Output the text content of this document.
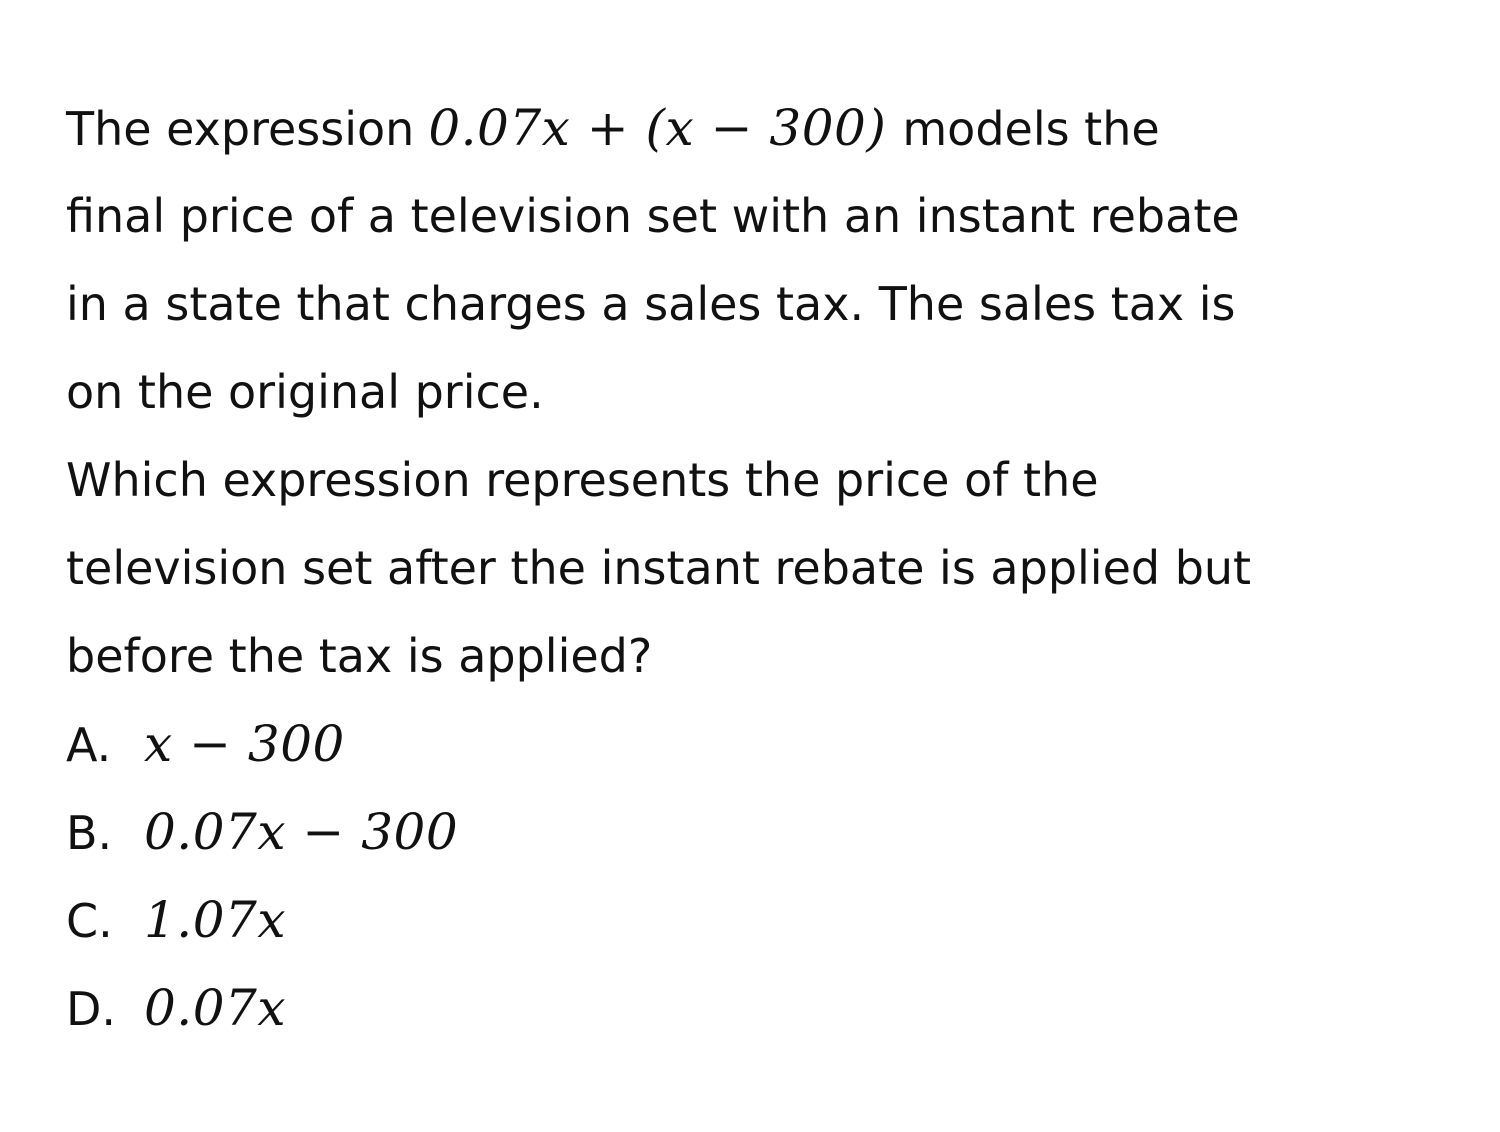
The expression 0.07x + (x − 300) models the
final price of a television set with an instant rebate
in a state that charges a sales tax. The sales tax is
on the original price.
Which expression represents the price of the
television set after the instant rebate is applied but
before the tax is applied?
A. x − 300
B. 0.07x − 300
C. 1.07x
D. 0.07x
